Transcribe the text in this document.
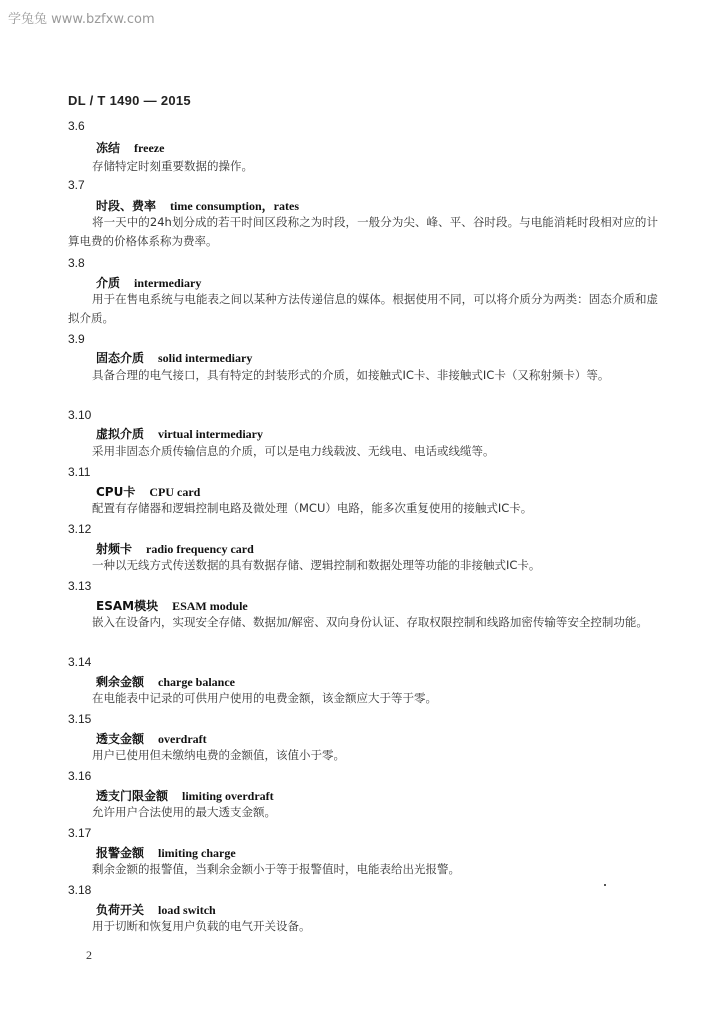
学兔兔 www.bzfxw.com
DL / T 1490 — 2015
3.6
冻结 freeze
存储特定时刻重要数据的操作。
3.7
时段、费率 time consumption，rates
将一天中的24h划分成的若干时间区段称之为时段，一般分为尖、峰、平、谷时段。与电能消耗时段相对应的计算电费的价格体系称为费率。
3.8
介质 intermediary
用于在售电系统与电能表之间以某种方法传递信息的媒体。根据使用不同，可以将介质分为两类：固态介质和虚拟介质。
3.9
固态介质 solid intermediary
具备合理的电气接口，具有特定的封装形式的介质，如接触式IC卡、非接触式IC卡（又称射频卡）等。
3.10
虚拟介质 virtual intermediary
采用非固态介质传输信息的介质，可以是电力线载波、无线电、电话或线缆等。
3.11
CPU卡 CPU card
配置有存储器和逻辑控制电路及微处理（MCU）电路，能多次重复使用的接触式IC卡。
3.12
射频卡 radio frequency card
一种以无线方式传送数据的具有数据存储、逻辑控制和数据处理等功能的非接触式IC卡。
3.13
ESAM模块 ESAM module
嵌入在设备内，实现安全存储、数据加/解密、双向身份认证、存取权限控制和线路加密传输等安全控制功能。
3.14
剩余金额 charge balance
在电能表中记录的可供用户使用的电费金额，该金额应大于等于零。
3.15
透支金额 overdraft
用户已使用但未缴纳电费的金额值，该值小于零。
3.16
透支门限金额 limiting overdraft
允许用户合法使用的最大透支金额。
3.17
报警金额 limiting charge
剩余金额的报警值，当剩余金额小于等于报警值时，电能表给出光报警。
3.18
负荷开关 load switch
用于切断和恢复用户负载的电气开关设备。
2
